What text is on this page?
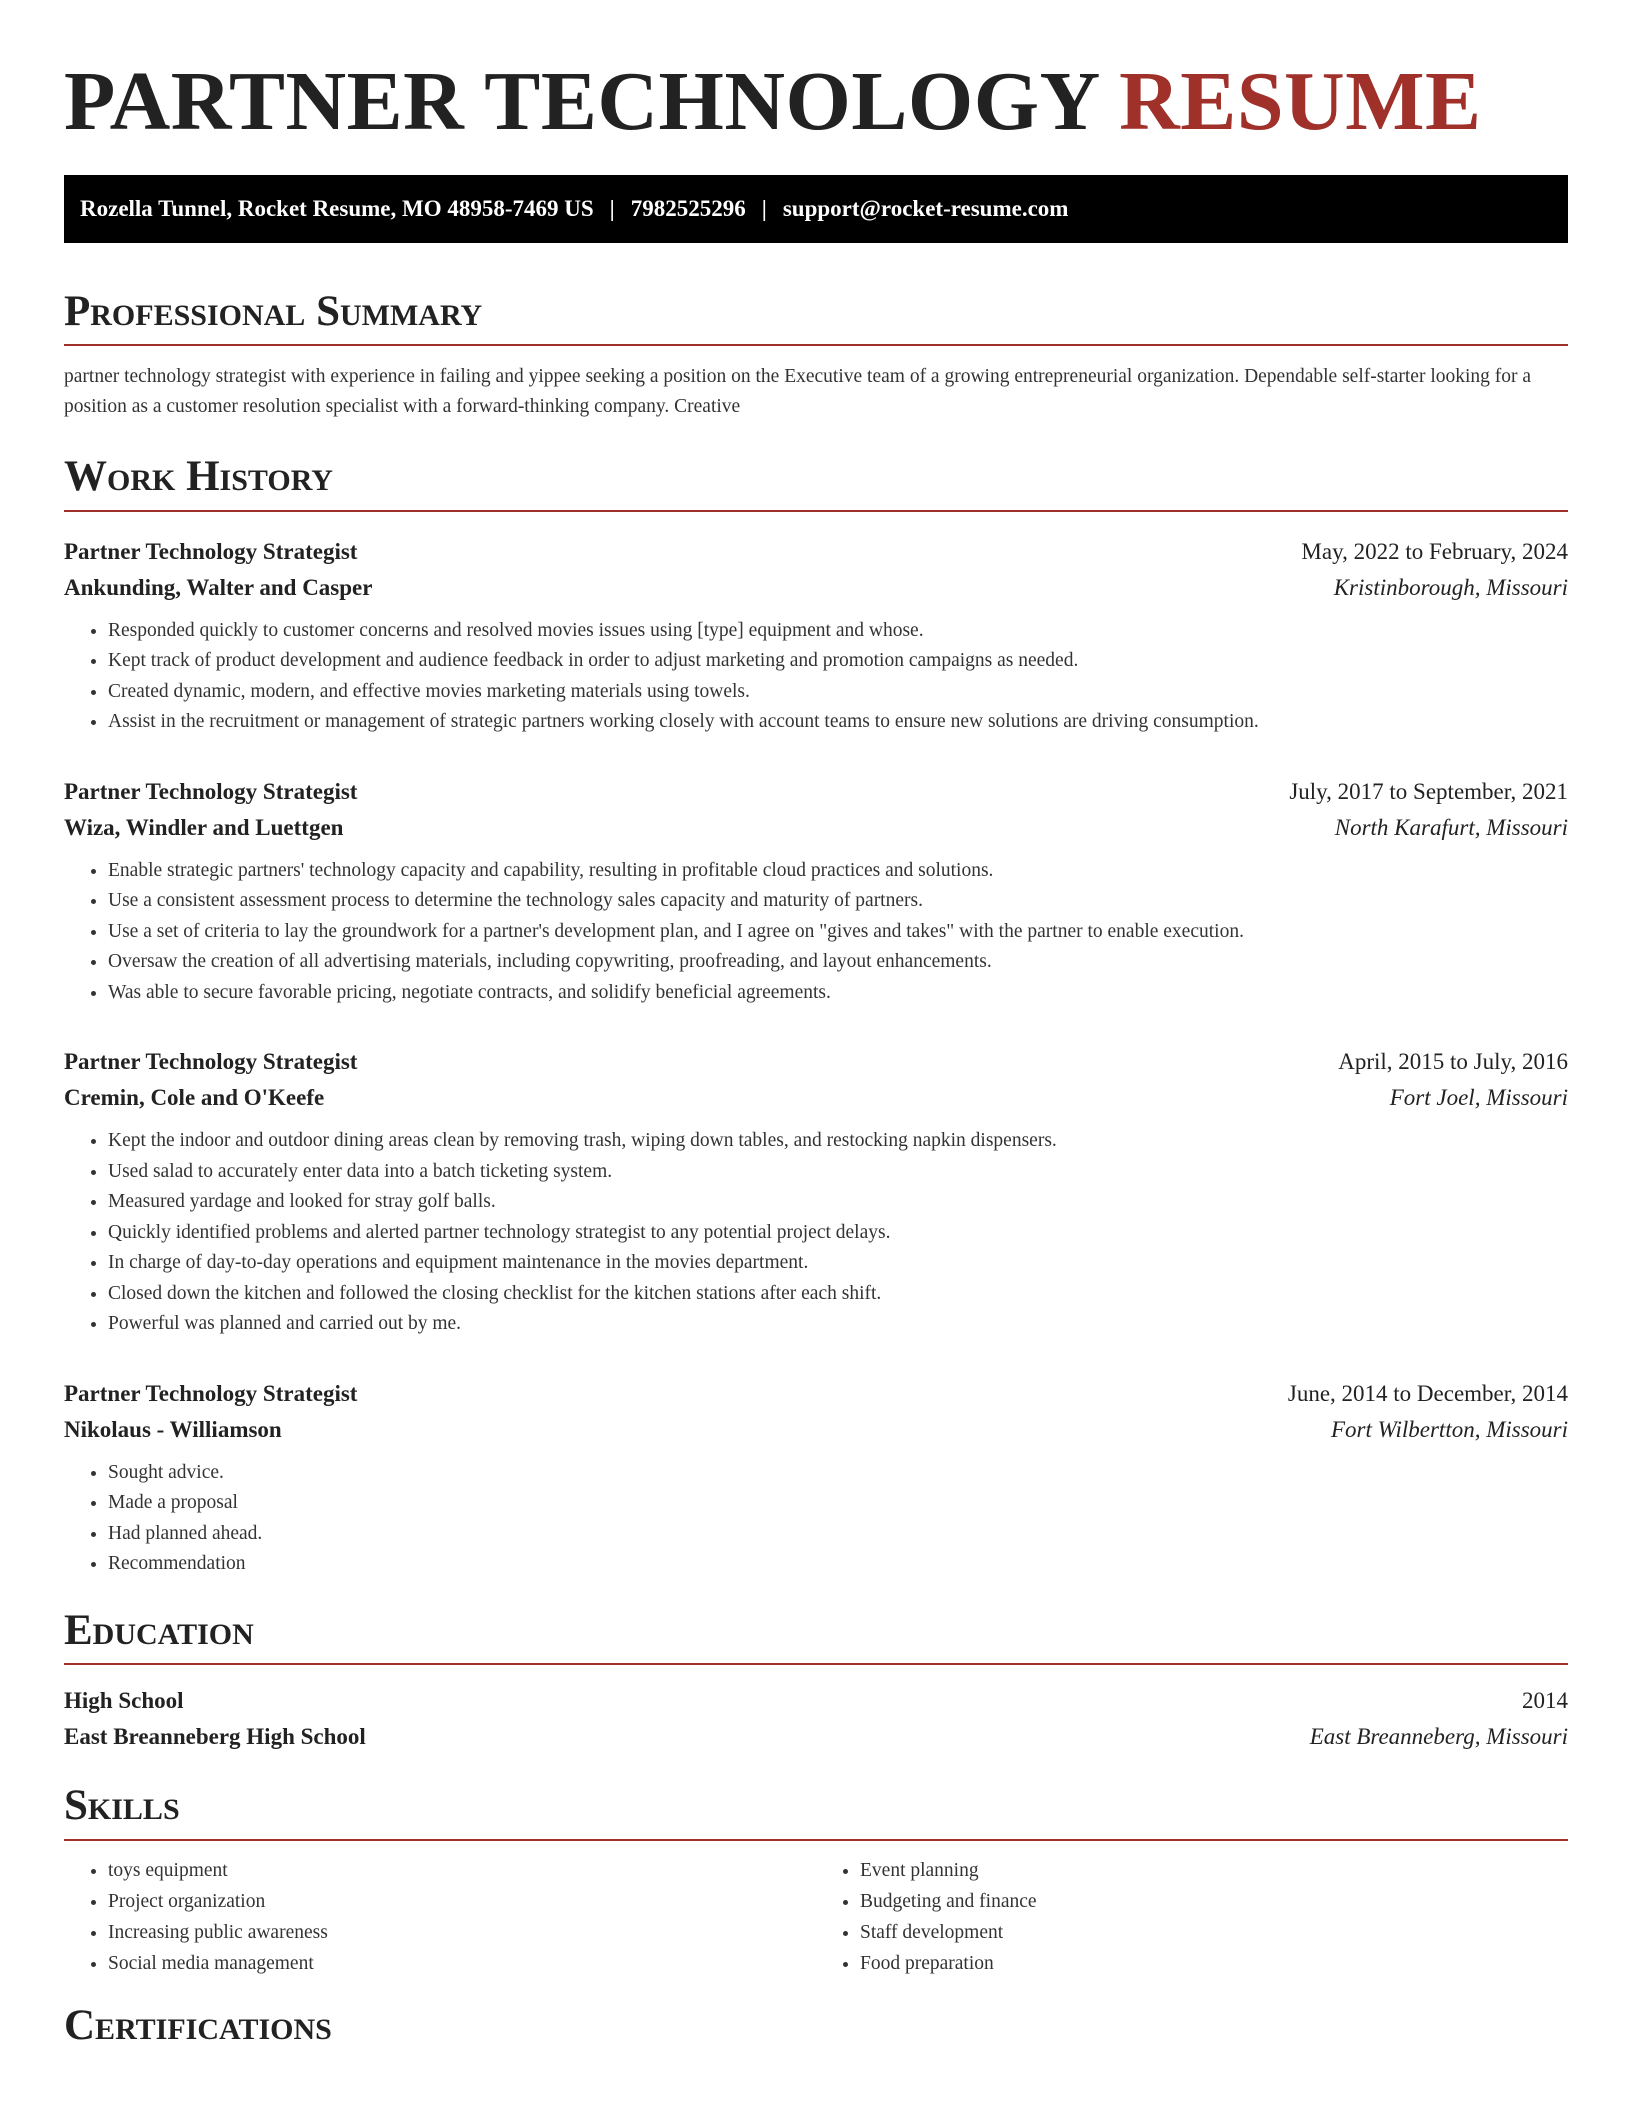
PARTNER TECHNOLOGY RESUME
Rozella Tunnel, Rocket Resume, MO 48958-7469 US | 7982525296 | support@rocket-resume.com
Professional Summary

partner technology strategist with experience in failing and yippee seeking a position on the Executive team of a growing entrepreneurial organization. Dependable self-starter looking for a position as a customer resolution specialist with a forward-thinking company. Creative

Work History
Partner Technology Strategist	May, 2022 to February, 2024
Ankunding, Walter and Casper	Kristinborough, Missouri
• Responded quickly to customer concerns and resolved movies issues using [type] equipment and whose.
• Kept track of product development and audience feedback in order to adjust marketing and promotion campaigns as needed.
• Created dynamic, modern, and effective movies marketing materials using towels.
• Assist in the recruitment or management of strategic partners working closely with account teams to ensure new solutions are driving consumption.
Partner Technology Strategist	July, 2017 to September, 2021
Wiza, Windler and Luettgen	North Karafurt, Missouri
• Enable strategic partners' technology capacity and capability, resulting in profitable cloud practices and solutions.
• Use a consistent assessment process to determine the technology sales capacity and maturity of partners.
• Use a set of criteria to lay the groundwork for a partner's development plan, and I agree on "gives and takes" with the partner to enable execution.
• Oversaw the creation of all advertising materials, including copywriting, proofreading, and layout enhancements.
• Was able to secure favorable pricing, negotiate contracts, and solidify beneficial agreements.
Partner Technology Strategist	April, 2015 to July, 2016
Cremin, Cole and O'Keefe	Fort Joel, Missouri
• Kept the indoor and outdoor dining areas clean by removing trash, wiping down tables, and restocking napkin dispensers.
• Used salad to accurately enter data into a batch ticketing system.
• Measured yardage and looked for stray golf balls.
• Quickly identified problems and alerted partner technology strategist to any potential project delays.
• In charge of day-to-day operations and equipment maintenance in the movies department.
• Closed down the kitchen and followed the closing checklist for the kitchen stations after each shift.
• Powerful was planned and carried out by me.
Partner Technology Strategist	June, 2014 to December, 2014
Nikolaus - Williamson	Fort Wilbertton, Missouri
• Sought advice.
• Made a proposal
• Had planned ahead.
• Recommendation
Education
High School	2014
East Breanneberg High School	East Breanneberg, Missouri
Skills
• toys equipment
• Project organization
• Increasing public awareness
• Social media management
• Event planning
• Budgeting and finance
• Staff development
• Food preparation
Certifications
